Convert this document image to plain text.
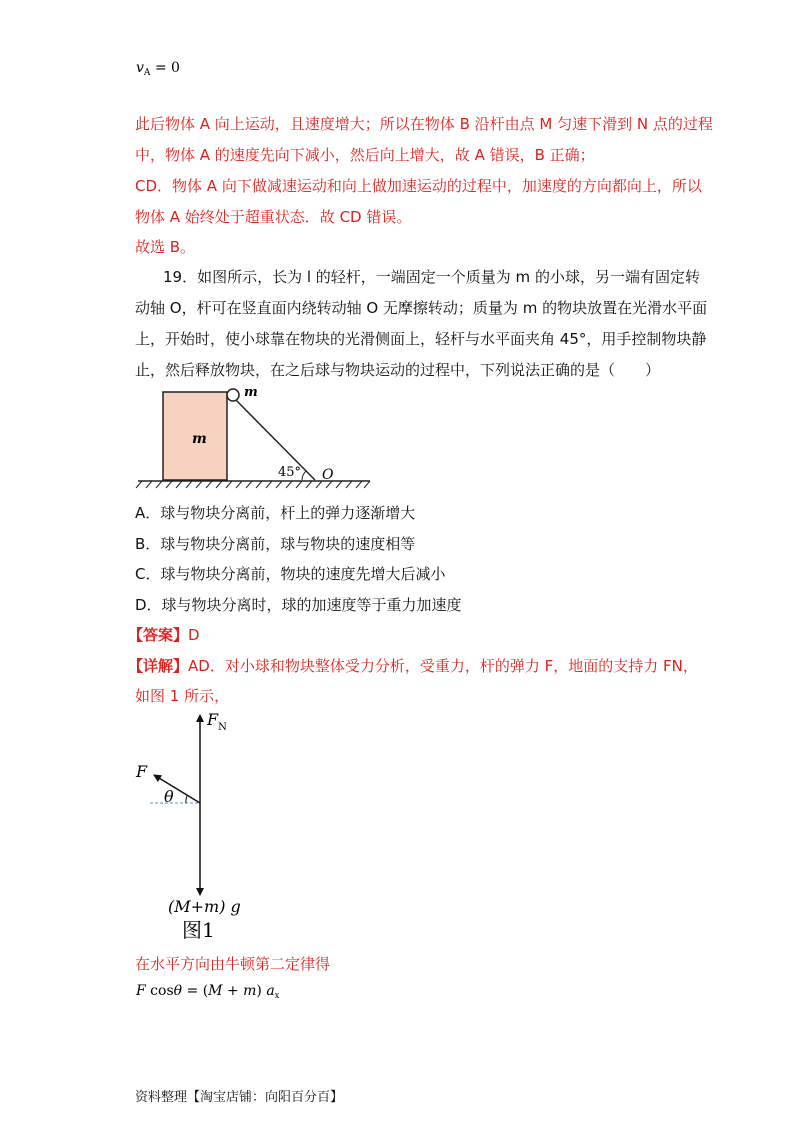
$v_A = 0$
此后物体 A 向上运动，且速度增大；所以在物体 B 沿杆由点 M 匀速下滑到 N 点的过程
中，物体 A 的速度先向下减小，然后向上增大，故 A 错误，B 正确；
CD．物体 A 向下做减速运动和向上做加速运动的过程中，加速度的方向都向上，所以
物体 A 始终处于超重状态．故 CD 错误。
故选 B。
19．如图所示，长为 l 的轻杆，一端固定一个质量为 m 的小球，另一端有固定转
动轴 O，杆可在竖直面内绕转动轴 O 无摩擦转动；质量为 m 的物块放置在光滑水平面
上，开始时，使小球靠在物块的光滑侧面上，轻杆与水平面夹角 45°，用手控制物块静
止，然后释放物块，在之后球与物块运动的过程中，下列说法正确的是（　　）
m
m
45° O
A．球与物块分离前，杆上的弹力逐渐增大
B．球与物块分离前，球与物块的速度相等
C．球与物块分离前，物块的速度先增大后减小
D．球与物块分离时，球的加速度等于重力加速度
【答案】D
【详解】AD．对小球和物块整体受力分析，受重力，杆的弹力 F，地面的支持力 FN，
如图 1 所示，
$F_N$
F
θ
(M+m) g
图1
在水平方向由牛顿第二定律得
F cosθ = (M + m) $a_x$
资料整理【淘宝店铺：向阳百分百】
